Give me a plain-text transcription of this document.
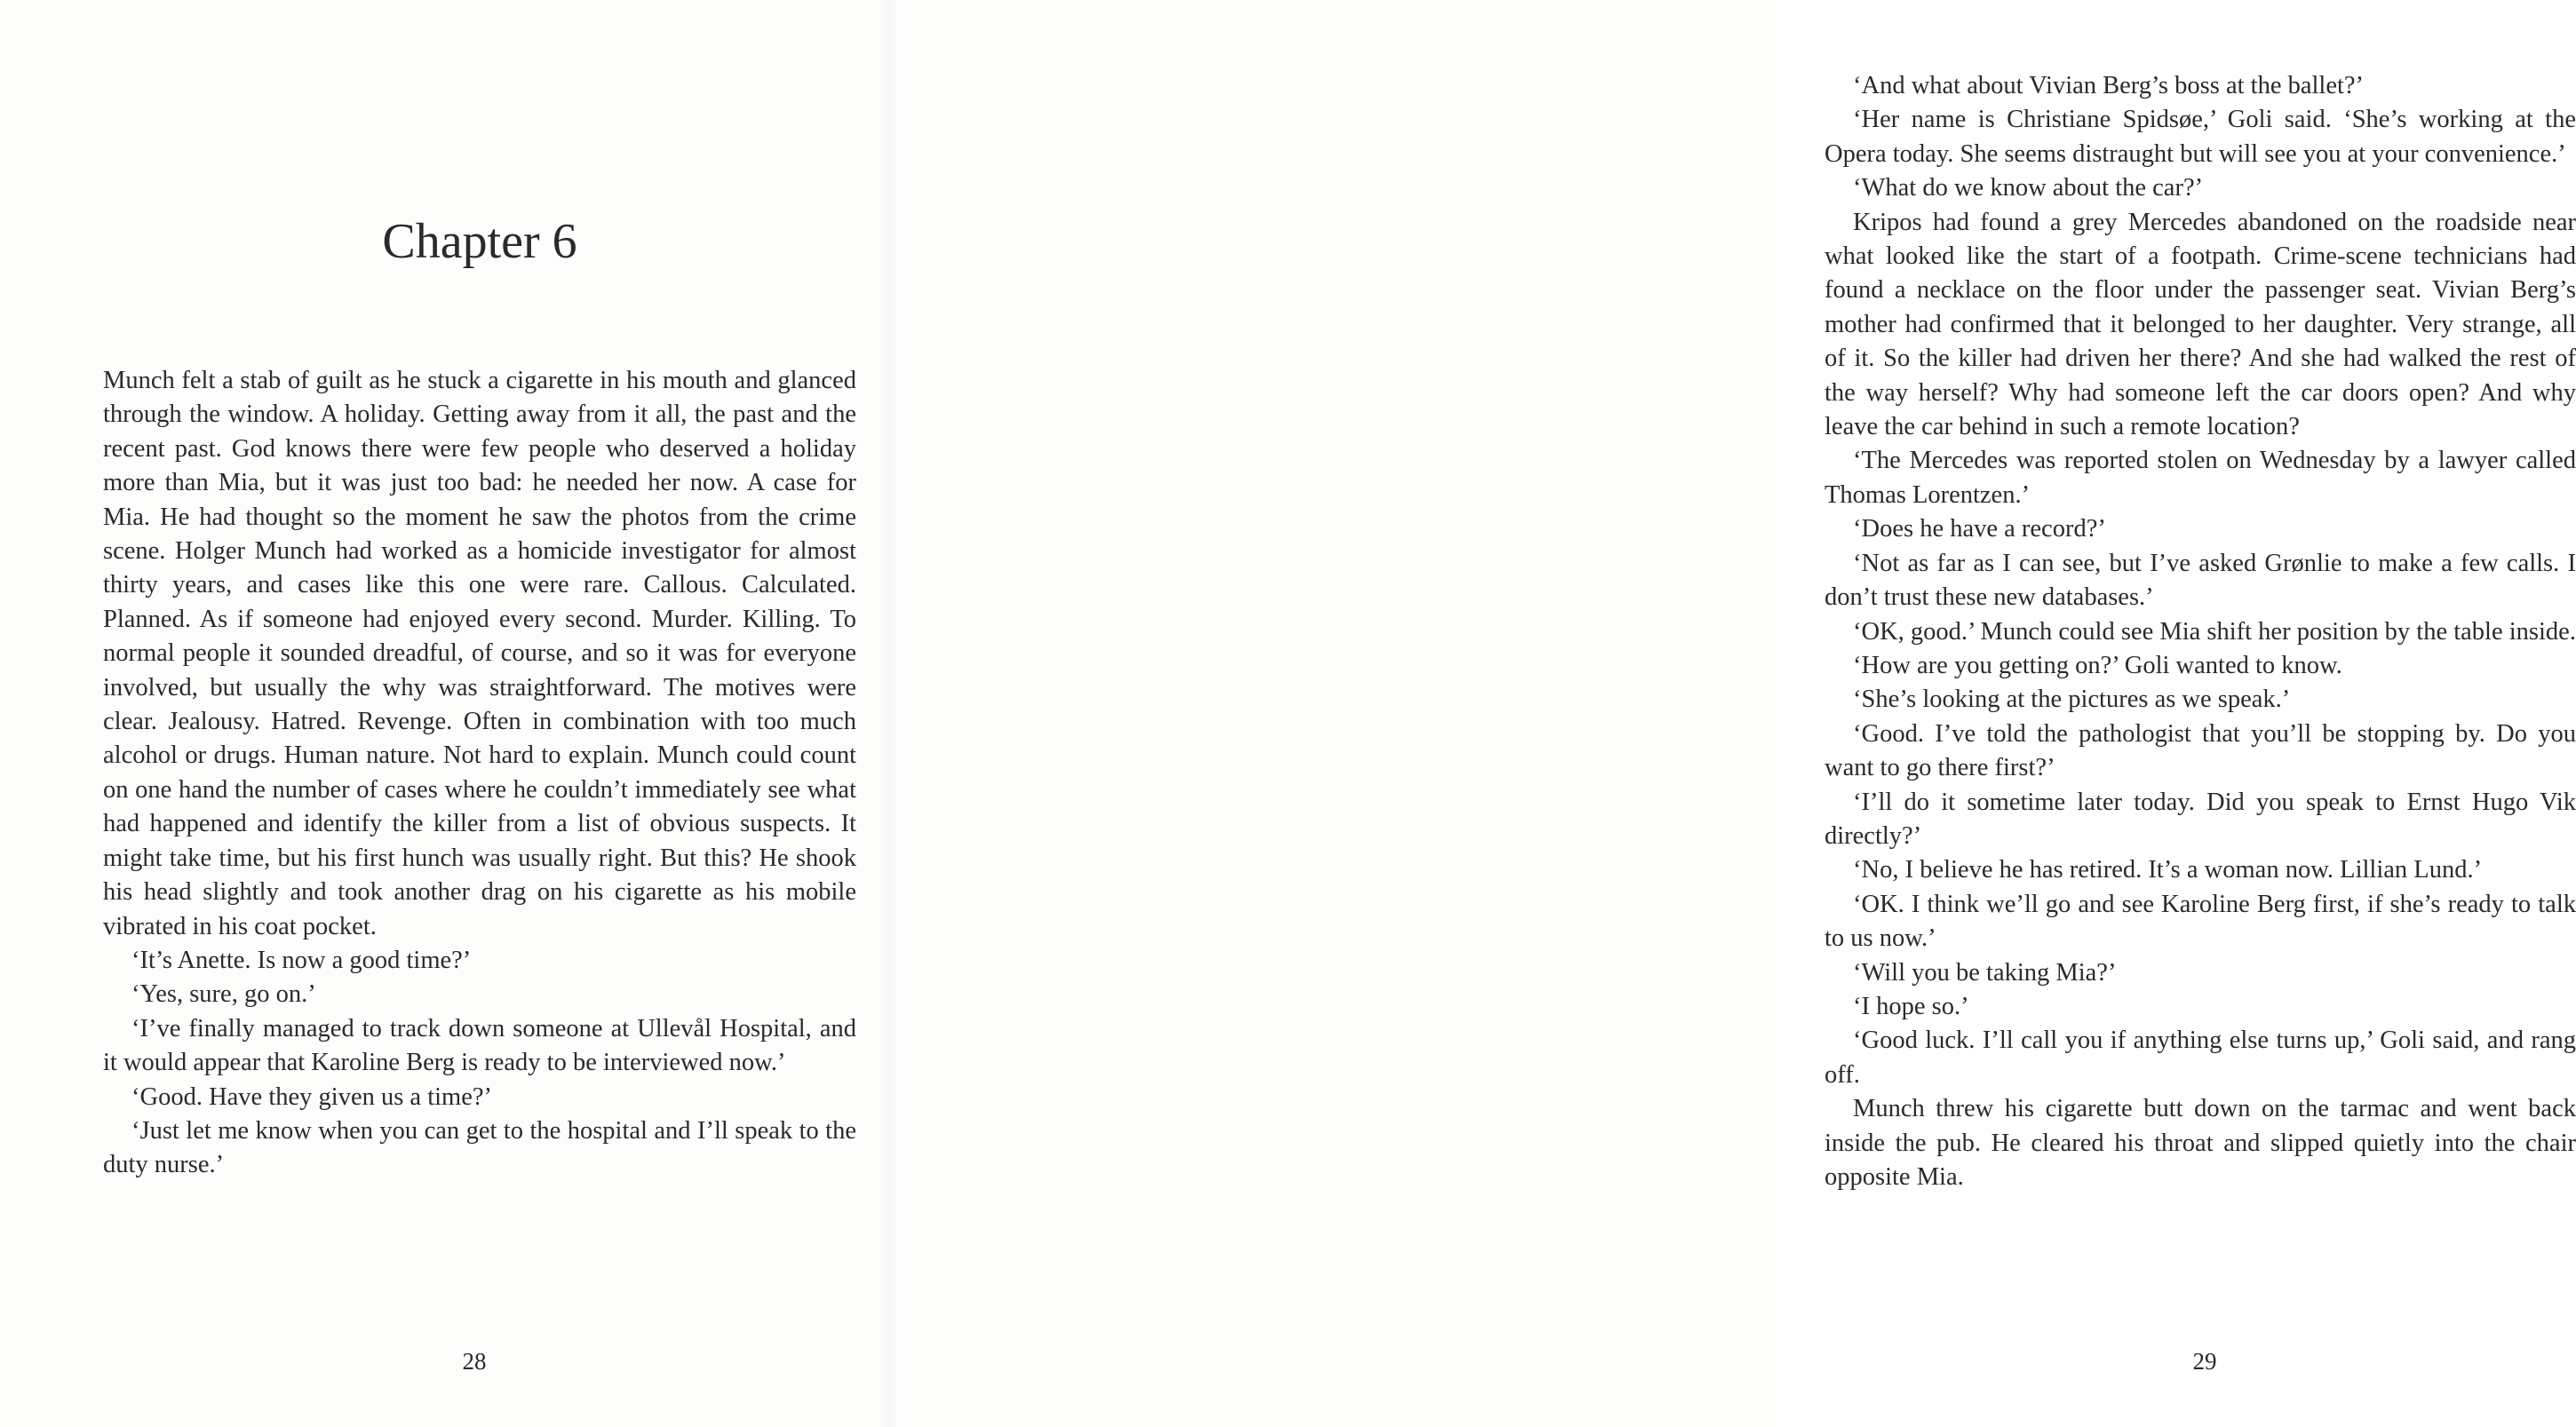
Chapter 6

Munch felt a stab of guilt as he stuck a cigarette in his mouth and glanced through the window. A holiday. Getting away from it all, the past and the recent past. God knows there were few people who deserved a holiday more than Mia, but it was just too bad: he needed her now. A case for Mia. He had thought so the moment he saw the photos from the crime scene. Holger Munch had worked as a homicide investigator for almost thirty years, and cases like this one were rare. Callous. Calculated. Planned. As if someone had enjoyed every second. Murder. Killing. To normal people it sounded dreadful, of course, and so it was for everyone involved, but usually the why was straightforward. The motives were clear. Jealousy. Hatred. Revenge. Often in combination with too much alcohol or drugs. Human nature. Not hard to explain. Munch could count on one hand the number of cases where he couldn’t immediately see what had happened and identify the killer from a list of obvious suspects. It might take time, but his first hunch was usually right. But this? He shook his head slightly and took another drag on his cigarette as his mobile vibrated in his coat pocket.

‘It’s Anette. Is now a good time?’

‘Yes, sure, go on.’

‘I’ve finally managed to track down someone at Ullevål Hospital, and it would appear that Karoline Berg is ready to be interviewed now.’

‘Good. Have they given us a time?’

‘Just let me know when you can get to the hospital and I’ll speak to the duty nurse.’

28

‘And what about Vivian Berg’s boss at the ballet?’

‘Her name is Christiane Spidsøe,’ Goli said. ‘She’s working at the Opera today. She seems distraught but will see you at your convenience.’

‘What do we know about the car?’

Kripos had found a grey Mercedes abandoned on the roadside near what looked like the start of a footpath. Crime-scene technicians had found a necklace on the floor under the passenger seat. Vivian Berg’s mother had confirmed that it belonged to her daughter. Very strange, all of it. So the killer had driven her there? And she had walked the rest of the way herself? Why had someone left the car doors open? And why leave the car behind in such a remote location?

‘The Mercedes was reported stolen on Wednesday by a lawyer called Thomas Lorentzen.’

‘Does he have a record?’

‘Not as far as I can see, but I’ve asked Grønlie to make a few calls. I don’t trust these new databases.’

‘OK, good.’ Munch could see Mia shift her position by the table inside.

‘How are you getting on?’ Goli wanted to know.

‘She’s looking at the pictures as we speak.’

‘Good. I’ve told the pathologist that you’ll be stopping by. Do you want to go there first?’

‘I’ll do it sometime later today. Did you speak to Ernst Hugo Vik directly?’

‘No, I believe he has retired. It’s a woman now. Lillian Lund.’

‘OK. I think we’ll go and see Karoline Berg first, if she’s ready to talk to us now.’

‘Will you be taking Mia?’

‘I hope so.’

‘Good luck. I’ll call you if anything else turns up,’ Goli said, and rang off.

Munch threw his cigarette butt down on the tarmac and went back inside the pub. He cleared his throat and slipped quietly into the chair opposite Mia.

29
